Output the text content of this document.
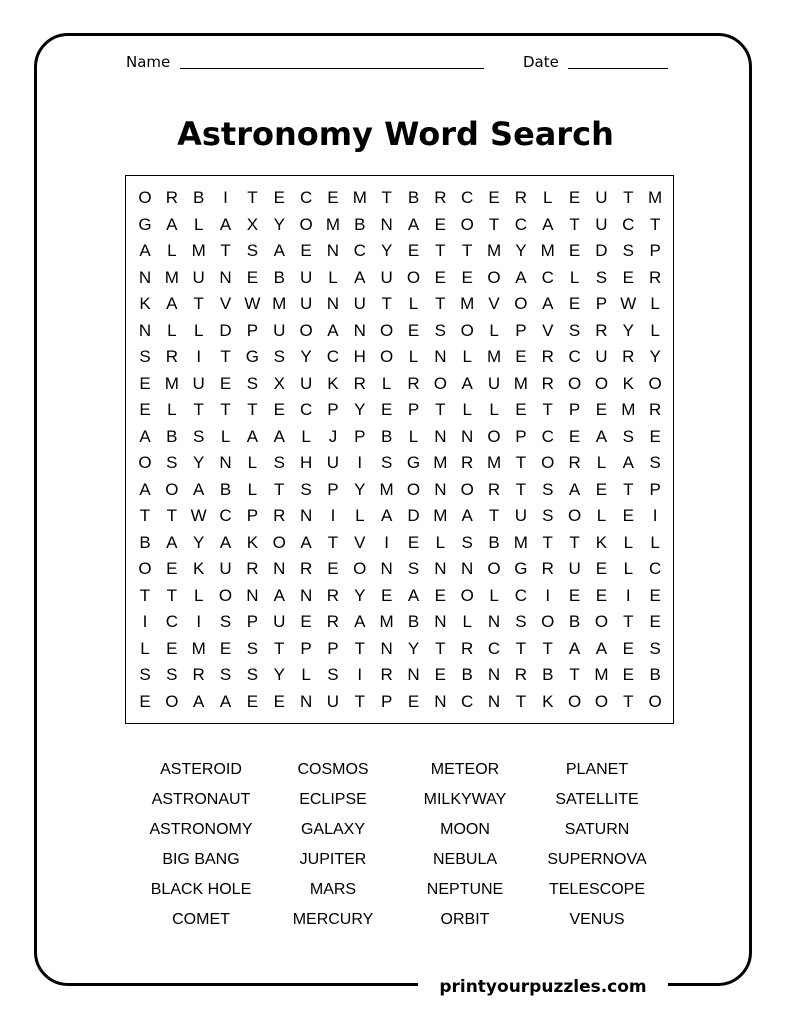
Name	Date
Astronomy Word Search
O R B	I	T E C E M T B R C E R L E U T M
G A L A X Y O M B N A E O T C A T U C T
A L M T S A E N C Y E T T M Y M E D S P
N M U N E B U L A U O E E O A C L S E R
K A T V W M U N U T L T M V O A E P W L
N L	L D P U O A N O E S O L P V S R Y L
S R	I	T G S Y C H O L N L M E R C U R Y
E M U E S X U K R L R O A U M R O O K O
E L T T T E C P Y E P T L	L E T P E M R
A B S L A A L	J P B L N N O P C E A S E
O S Y N L S H U	I	S G M R M T O R L A S
A O A B L T S P Y M O N O R T S A E T P
T T W C P R N	I	L A D M A T U S O L E	I
B A Y A K O A T V	I	E L S B M T T K L	L
O E K U R N R E O N S N N O G R U E L C
T T L O N A N R Y E A E O L C	I	E E	I	E
I	C	I	S P U E R A M B N L N S O B O T E
L E M E S T P P T N Y T R C T T A A E S
S S R S S Y L S	I	R N E B N R B T M E B
E O A A E E N U T P E N C N T K O O T O
ASTEROID
ASTRONAUT
ASTRONOMY
BIG BANG
BLACK HOLE
COMET
COSMOS
ECLIPSE
GALAXY
JUPITER
MARS
MERCURY
METEOR
MILKYWAY
MOON
NEBULA
NEPTUNE
ORBIT
PLANET
SATELLITE
SATURN
SUPERNOVA
TELESCOPE
VENUS
printyourpuzzles.com
